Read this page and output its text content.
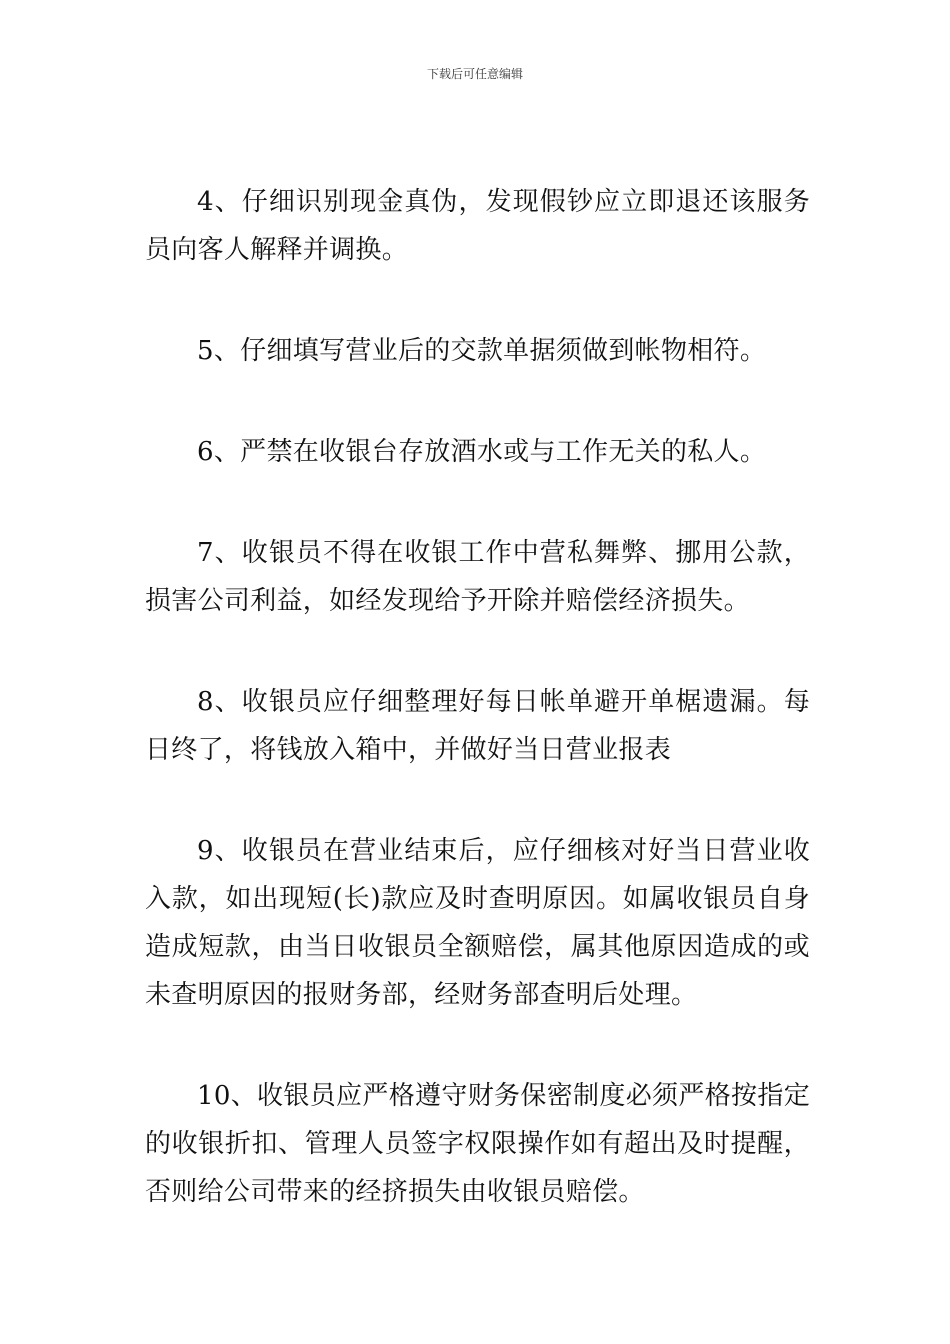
下载后可任意编辑

4、仔细识别现金真伪，发现假钞应立即退还该服务员向客人解释并调换。

5、仔细填写营业后的交款单据须做到帐物相符。

6、严禁在收银台存放酒水或与工作无关的私人。

7、收银员不得在收银工作中营私舞弊、挪用公款，损害公司利益，如经发现给予开除并赔偿经济损失。

8、收银员应仔细整理好每日帐单避开单椐遗漏。每日终了，将钱放入箱中，并做好当日营业报表

9、收银员在营业结束后，应仔细核对好当日营业收入款，如出现短(长)款应及时查明原因。如属收银员自身造成短款，由当日收银员全额赔偿，属其他原因造成的或未查明原因的报财务部，经财务部查明后处理。

10、收银员应严格遵守财务保密制度必须严格按指定的收银折扣、管理人员签字权限操作如有超出及时提醒，否则给公司带来的经挤损失由收银员赔偿。
